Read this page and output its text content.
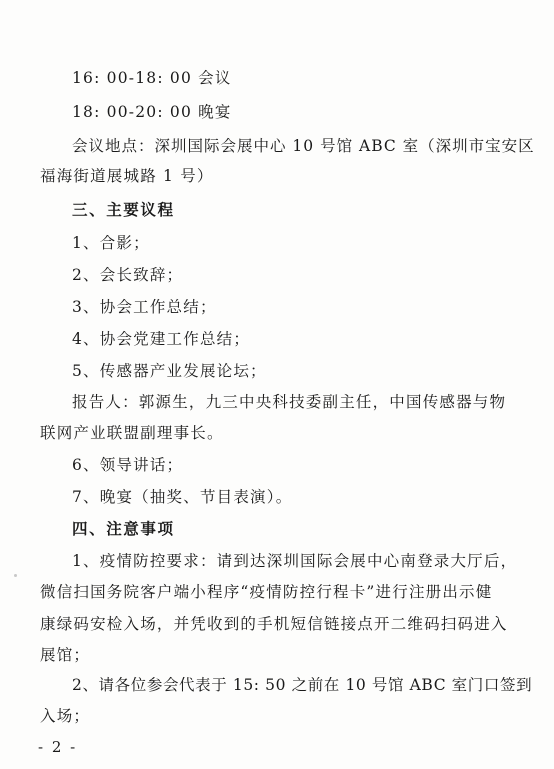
16: 00-18: 00 会议
18: 00-20: 00 晚宴
会议地点：深圳国际会展中心 10 号馆 ABC 室（深圳市宝安区
福海街道展城路 1 号）
三、主要议程
1、合影；
2、会长致辞；
3、协会工作总结；
4、协会党建工作总结；
5、传感器产业发展论坛；
报告人：郭源生，九三中央科技委副主任，中国传感器与物
联网产业联盟副理事长。
6、领导讲话；
7、晚宴（抽奖、节目表演）。
四、注意事项
1、疫情防控要求：请到达深圳国际会展中心南登录大厅后，
微信扫国务院客户端小程序“疫情防控行程卡”进行注册出示健
康绿码安检入场，并凭收到的手机短信链接点开二维码扫码进入
展馆；
2、请各位参会代表于 15: 50 之前在 10 号馆 ABC 室门口签到
入场；
- 2 -
